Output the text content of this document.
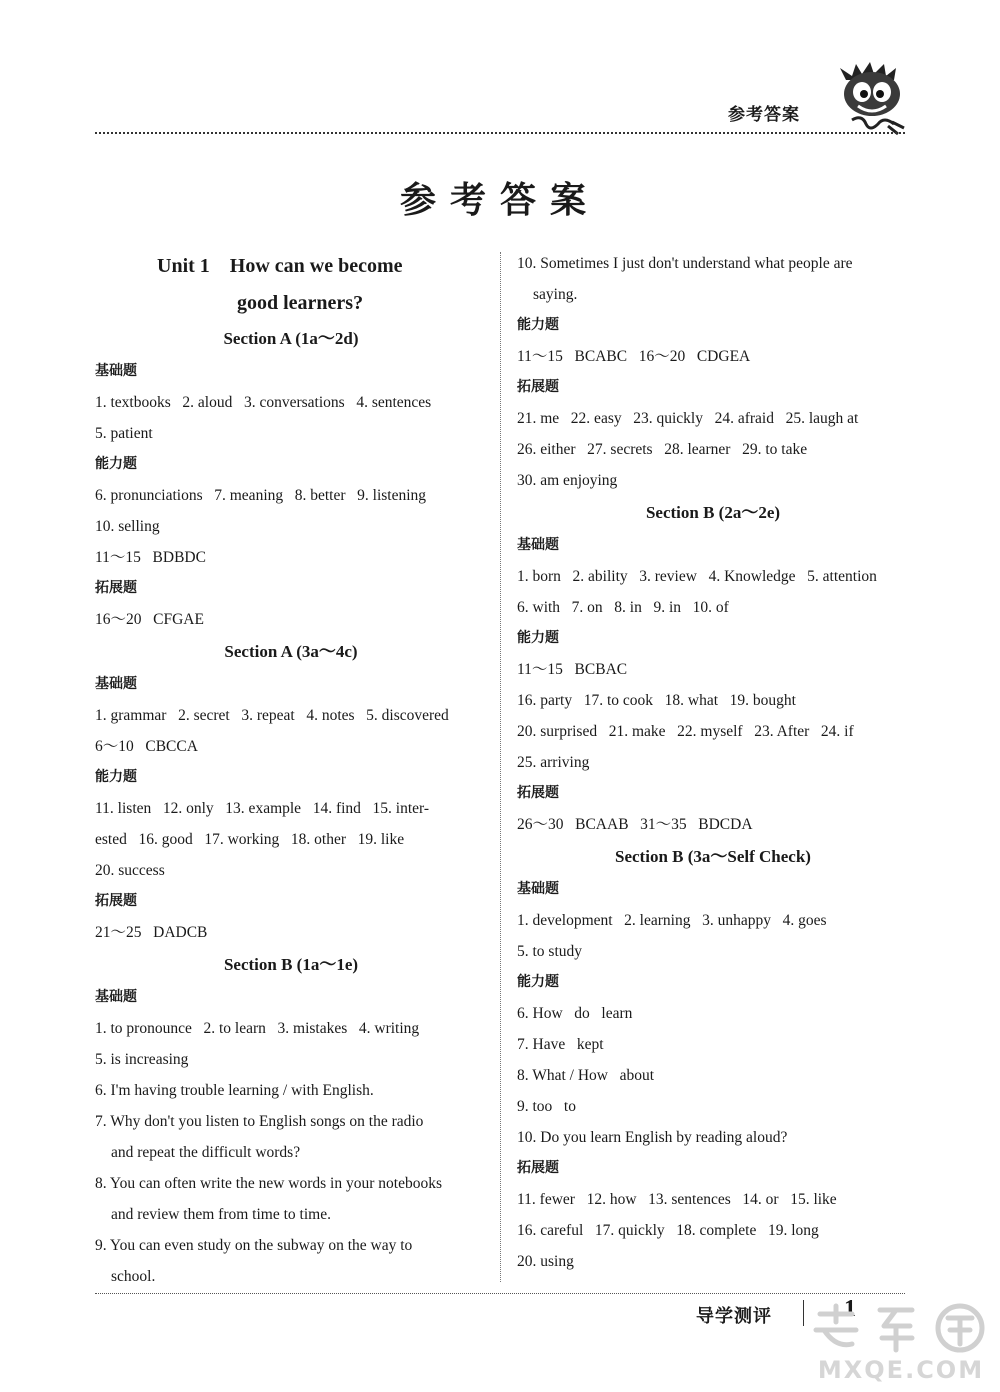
参考答案
参考答案
Unit 1    How can we become
good learners?
Section A (1a～2d)
基础题
1. textbooks   2. aloud   3. conversations   4. sentences
5. patient
能力题
6. pronunciations   7. meaning   8. better   9. listening
10. selling
11～15   BDBDC
拓展题
16～20   CFGAE
Section A (3a～4c)
基础题
1. grammar   2. secret   3. repeat   4. notes   5. discovered
6～10   CBCCA
能力题
11. listen   12. only   13. example   14. find   15. inter-
ested   16. good   17. working   18. other   19. like
20. success
拓展题
21～25   DADCB
Section B (1a～1e)
基础题
1. to pronounce   2. to learn   3. mistakes   4. writing
5. is increasing
6. I'm having trouble learning / with English.
7. Why don't you listen to English songs on the radio
and repeat the difficult words?
8. You can often write the new words in your notebooks
and review them from time to time.
9. You can even study on the subway on the way to
school.
10. Sometimes I just don't understand what people are
saying.
能力题
11～15   BCABC   16～20   CDGEA
拓展题
21. me   22. easy   23. quickly   24. afraid   25. laugh at
26. either   27. secrets   28. learner   29. to take
30. am enjoying
Section B (2a～2e)
基础题
1. born   2. ability   3. review   4. Knowledge   5. attention
6. with   7. on   8. in   9. in   10. of
能力题
11～15   BCBAC
16. party   17. to cook   18. what   19. bought
20. surprised   21. make   22. myself   23. After   24. if
25. arriving
拓展题
26～30   BCAAB   31～35   BDCDA
Section B (3a～Self Check)
基础题
1. development   2. learning   3. unhappy   4. goes
5. to study
能力题
6. How   do   learn
7. Have   kept
8. What / How   about
9. too   to
10. Do you learn English by reading aloud?
拓展题
11. fewer   12. how   13. sentences   14. or   15. like
16. careful   17. quickly   18. complete   19. long
20. using
导学测评	1
MXQE.COM
